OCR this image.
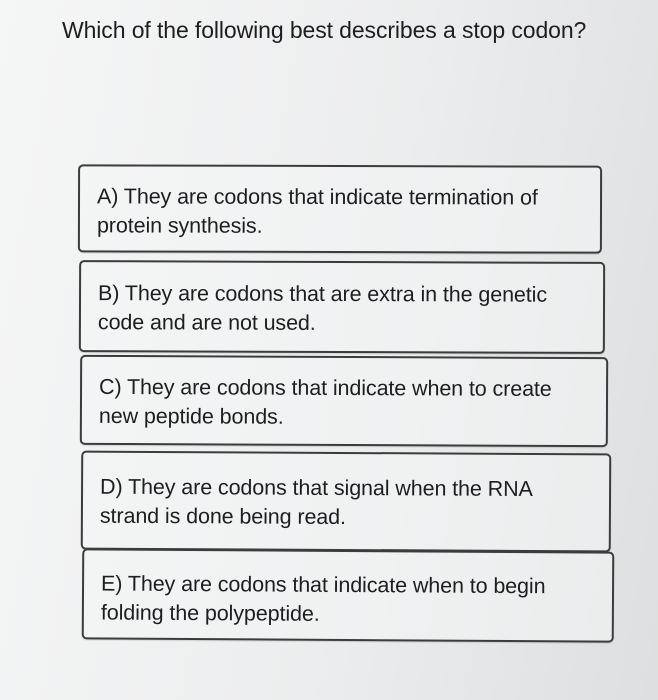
Which of the following best describes a stop codon?
A) They are codons that indicate termination of protein synthesis.
B) They are codons that are extra in the genetic code and are not used.
C) They are codons that indicate when to create new peptide bonds.
D) They are codons that signal when the RNA strand is done being read.
E) They are codons that indicate when to begin folding the polypeptide.
